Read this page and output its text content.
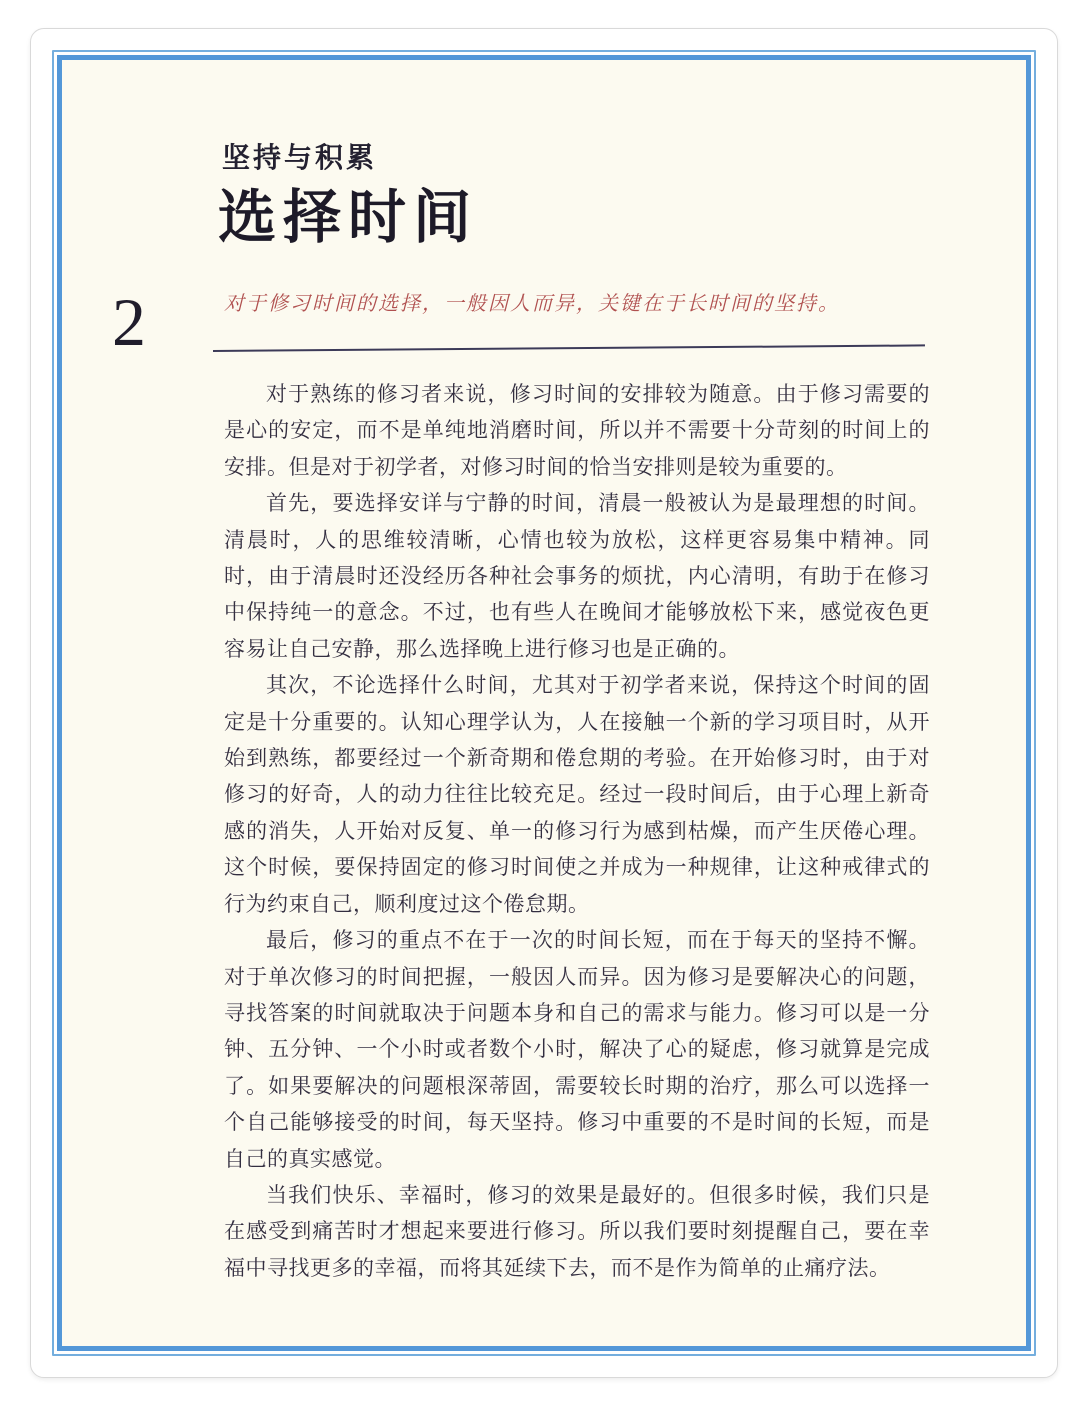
坚持与积累
选择时间
对于修习时间的选择，一般因人而异，关键在于长时间的坚持。
2

对于熟练的修习者来说，修习时间的安排较为随意。由于修习需要的是心的安定，而不是单纯地消磨时间，所以并不需要十分苛刻的时间上的安排。但是对于初学者，对修习时间的恰当安排则是较为重要的。

首先，要选择安详与宁静的时间，清晨一般被认为是最理想的时间。清晨时，人的思维较清晰，心情也较为放松，这样更容易集中精神。同时，由于清晨时还没经历各种社会事务的烦扰，内心清明，有助于在修习中保持纯一的意念。不过，也有些人在晚间才能够放松下来，感觉夜色更容易让自己安静，那么选择晚上进行修习也是正确的。

其次，不论选择什么时间，尤其对于初学者来说，保持这个时间的固定是十分重要的。认知心理学认为，人在接触一个新的学习项目时，从开始到熟练，都要经过一个新奇期和倦怠期的考验。在开始修习时，由于对修习的好奇，人的动力往往比较充足。经过一段时间后，由于心理上新奇感的消失，人开始对反复、单一的修习行为感到枯燥，而产生厌倦心理。这个时候，要保持固定的修习时间使之并成为一种规律，让这种戒律式的行为约束自己，顺利度过这个倦怠期。

最后，修习的重点不在于一次的时间长短，而在于每天的坚持不懈。对于单次修习的时间把握，一般因人而异。因为修习是要解决心的问题，寻找答案的时间就取决于问题本身和自己的需求与能力。修习可以是一分钟、五分钟、一个小时或者数个小时，解决了心的疑虑，修习就算是完成了。如果要解决的问题根深蒂固，需要较长时期的治疗，那么可以选择一个自己能够接受的时间，每天坚持。修习中重要的不是时间的长短，而是自己的真实感觉。

当我们快乐、幸福时，修习的效果是最好的。但很多时候，我们只是在感受到痛苦时才想起来要进行修习。所以我们要时刻提醒自己，要在幸福中寻找更多的幸福，而将其延续下去，而不是作为简单的止痛疗法。
